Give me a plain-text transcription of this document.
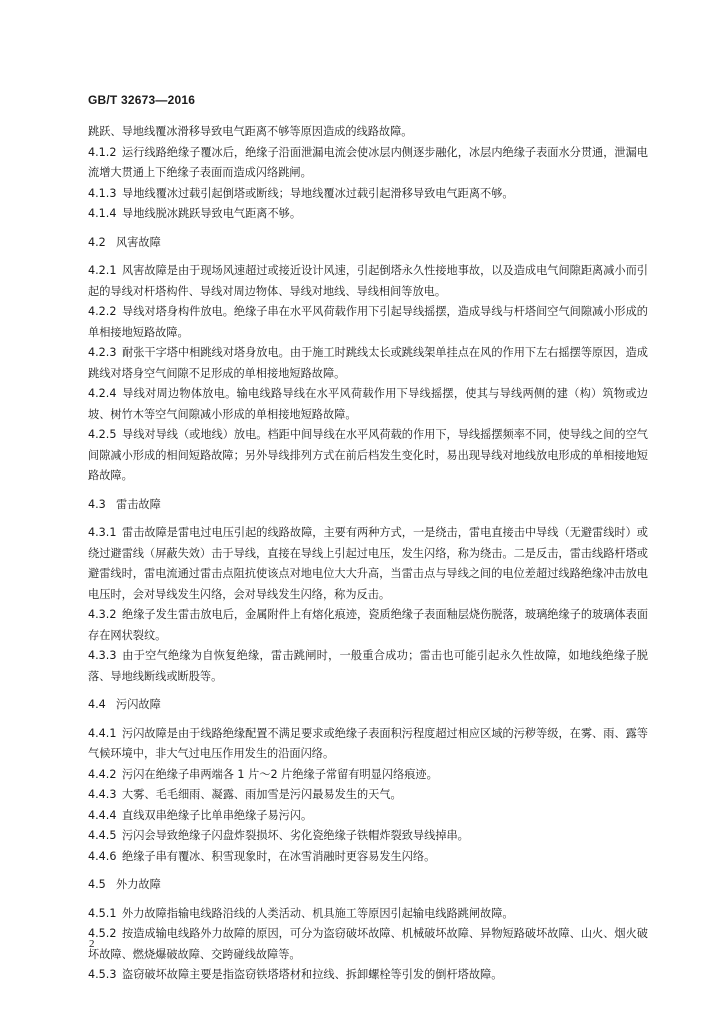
GB/T 32673—2016

跳跃、导地线覆冰滑移导致电气距离不够等原因造成的线路故障。

4.1.2 运行线路绝缘子覆冰后，绝缘子沿面泄漏电流会使冰层内侧逐步融化，冰层内绝缘子表面水分贯通，泄漏电流增大贯通上下绝缘子表面而造成闪络跳闸。

4.1.3 导地线覆冰过载引起倒塔或断线；导地线覆冰过载引起滑移导致电气距离不够。

4.1.4 导地线脱冰跳跃导致电气距离不够。

4.2 风害故障

4.2.1 风害故障是由于现场风速超过或接近设计风速，引起倒塔永久性接地事故，以及造成电气间隙距离减小而引起的导线对杆塔构件、导线对周边物体、导线对地线、导线相间等放电。

4.2.2 导线对塔身构件放电。绝缘子串在水平风荷载作用下引起导线摇摆，造成导线与杆塔间空气间隙减小形成的单相接地短路故障。

4.2.3 耐张干字塔中相跳线对塔身放电。由于施工时跳线太长或跳线架单挂点在风的作用下左右摇摆等原因，造成跳线对塔身空气间隙不足形成的单相接地短路故障。

4.2.4 导线对周边物体放电。输电线路导线在水平风荷载作用下导线摇摆，使其与导线两侧的建（构）筑物或边坡、树竹木等空气间隙减小形成的单相接地短路故障。

4.2.5 导线对导线（或地线）放电。档距中间导线在水平风荷载的作用下，导线摇摆频率不同，使导线之间的空气间隙减小形成的相间短路故障；另外导线排列方式在前后档发生变化时，易出现导线对地线放电形成的单相接地短路故障。

4.3 雷击故障

4.3.1 雷击故障是雷电过电压引起的线路故障，主要有两种方式，一是绕击，雷电直接击中导线（无避雷线时）或绕过避雷线（屏蔽失效）击于导线，直接在导线上引起过电压，发生闪络，称为绕击。二是反击，雷击线路杆塔或避雷线时，雷电流通过雷击点阻抗使该点对地电位大大升高，当雷击点与导线之间的电位差超过线路绝缘冲击放电电压时，会对导线发生闪络，会对导线发生闪络，称为反击。

4.3.2 绝缘子发生雷击放电后，金属附件上有熔化痕迹，瓷质绝缘子表面釉层烧伤脱落，玻璃绝缘子的玻璃体表面存在网状裂纹。

4.3.3 由于空气绝缘为自恢复绝缘，雷击跳闸时，一般重合成功；雷击也可能引起永久性故障，如地线绝缘子脱落、导地线断线或断股等。

4.4 污闪故障

4.4.1 污闪故障是由于线路绝缘配置不满足要求或绝缘子表面积污程度超过相应区域的污秽等级，在雾、雨、露等气候环境中，非大气过电压作用发生的沿面闪络。

4.4.2 污闪在绝缘子串两端各 1 片～2 片绝缘子常留有明显闪络痕迹。

4.4.3 大雾、毛毛细雨、凝露、雨加雪是污闪最易发生的天气。

4.4.4 直线双串绝缘子比单串绝缘子易污闪。

4.4.5 污闪会导致绝缘子闪盘炸裂损坏、劣化瓷绝缘子铁帽炸裂致导线掉串。

4.4.6 绝缘子串有覆冰、积雪现象时，在冰雪消融时更容易发生闪络。

4.5 外力故障

4.5.1 外力故障指输电线路沿线的人类活动、机具施工等原因引起输电线路跳闸故障。

4.5.2 按造成输电线路外力故障的原因，可分为盗窃破坏故障、机械破坏故障、异物短路破坏故障、山火、烟火破坏故障、燃烧爆破故障、交跨碰线故障等。

4.5.3 盗窃破坏故障主要是指盗窃铁塔塔材和拉线、拆卸螺栓等引发的倒杆塔故障。

2
